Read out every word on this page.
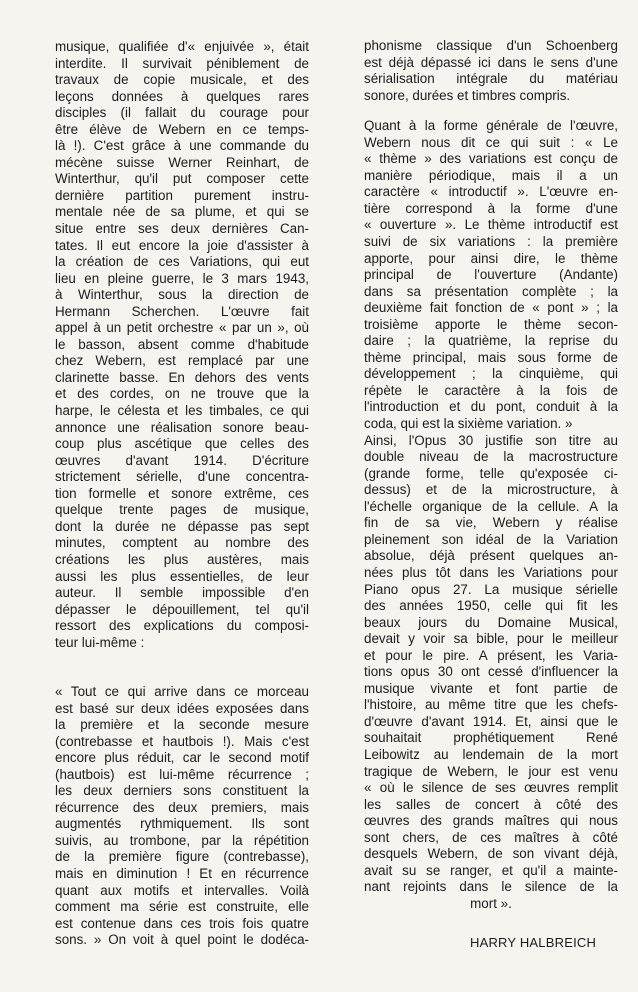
musique, qualifiée d'« enjuivée », était
interdite. Il survivait péniblement de
travaux de copie musicale, et des
leçons données à quelques rares
disciples (il fallait du courage pour
être élève de Webern en ce temps-
là !). C'est grâce à une commande du
mécène suisse Werner Reinhart, de
Winterthur, qu'il put composer cette
dernière partition purement instru-
mentale née de sa plume, et qui se
situe entre ses deux dernières Can-
tates. Il eut encore la joie d'assister à
la création de ces Variations, qui eut
lieu en pleine guerre, le 3 mars 1943,
à Winterthur, sous la direction de
Hermann Scherchen. L'œuvre fait
appel à un petit orchestre « par un », où
le basson, absent comme d'habitude
chez Webern, est remplacé par une
clarinette basse. En dehors des vents
et des cordes, on ne trouve que la
harpe, le célesta et les timbales, ce qui
annonce une réalisation sonore beau-
coup plus ascétique que celles des
œuvres d'avant 1914. D'écriture
strictement sérielle, d'une concentra-
tion formelle et sonore extrême, ces
quelque trente pages de musique,
dont la durée ne dépasse pas sept
minutes, comptent au nombre des
créations les plus austères, mais
aussi les plus essentielles, de leur
auteur. Il semble impossible d'en
dépasser le dépouillement, tel qu'il
ressort des explications du composi-
teur lui-même :
« Tout ce qui arrive dans ce morceau
est basé sur deux idées exposées dans
la première et la seconde mesure
(contrebasse et hautbois !). Mais c'est
encore plus réduit, car le second motif
(hautbois) est lui-même récurrence ;
les deux derniers sons constituent la
récurrence des deux premiers, mais
augmentés rythmiquement. Ils sont
suivis, au trombone, par la répétition
de la première figure (contrebasse),
mais en diminution ! Et en récurrence
quant aux motifs et intervalles. Voilà
comment ma série est construite, elle
est contenue dans ces trois fois quatre
sons. » On voit à quel point le dodéca-
phonisme classique d'un Schoenberg
est déjà dépassé ici dans le sens d'une
sérialisation intégrale du matériau
sonore, durées et timbres compris.
Quant à la forme générale de l'œuvre,
Webern nous dit ce qui suit : « Le
« thème » des variations est conçu de
manière périodique, mais il a un
caractère « introductif ». L'œuvre en-
tière correspond à la forme d'une
« ouverture ». Le thème introductif est
suivi de six variations : la première
apporte, pour ainsi dire, le thème
principal de l'ouverture (Andante)
dans sa présentation complète ; la
deuxième fait fonction de « pont » ; la
troisième apporte le thème secon-
daire ; la quatrième, la reprise du
thème principal, mais sous forme de
développement ; la cinquième, qui
répète le caractère à la fois de
l'introduction et du pont, conduit à la
coda, qui est la sixième variation. »
Ainsi, l'Opus 30 justifie son titre au
double niveau de la macrostructure
(grande forme, telle qu'exposée ci-
dessus) et de la microstructure, à
l'échelle organique de la cellule. A la
fin de sa vie, Webern y réalise
pleinement son idéal de la Variation
absolue, déjà présent quelques an-
nées plus tôt dans les Variations pour
Piano opus 27. La musique sérielle
des années 1950, celle qui fit les
beaux jours du Domaine Musical,
devait y voir sa bible, pour le meilleur
et pour le pire. A présent, les Varia-
tions opus 30 ont cessé d'influencer la
musique vivante et font partie de
l'histoire, au même titre que les chefs-
d'œuvre d'avant 1914. Et, ainsi que le
souhaitait prophétiquement René
Leibowitz au lendemain de la mort
tragique de Webern, le jour est venu
« où le silence de ses œuvres remplit
les salles de concert à côté des
œuvres des grands maîtres qui nous
sont chers, de ces maîtres à côté
desquels Webern, de son vivant déjà,
avait su se ranger, et qu'il a mainte-
nant rejoints dans le silence de la
mort ».
HARRY HALBREICH
